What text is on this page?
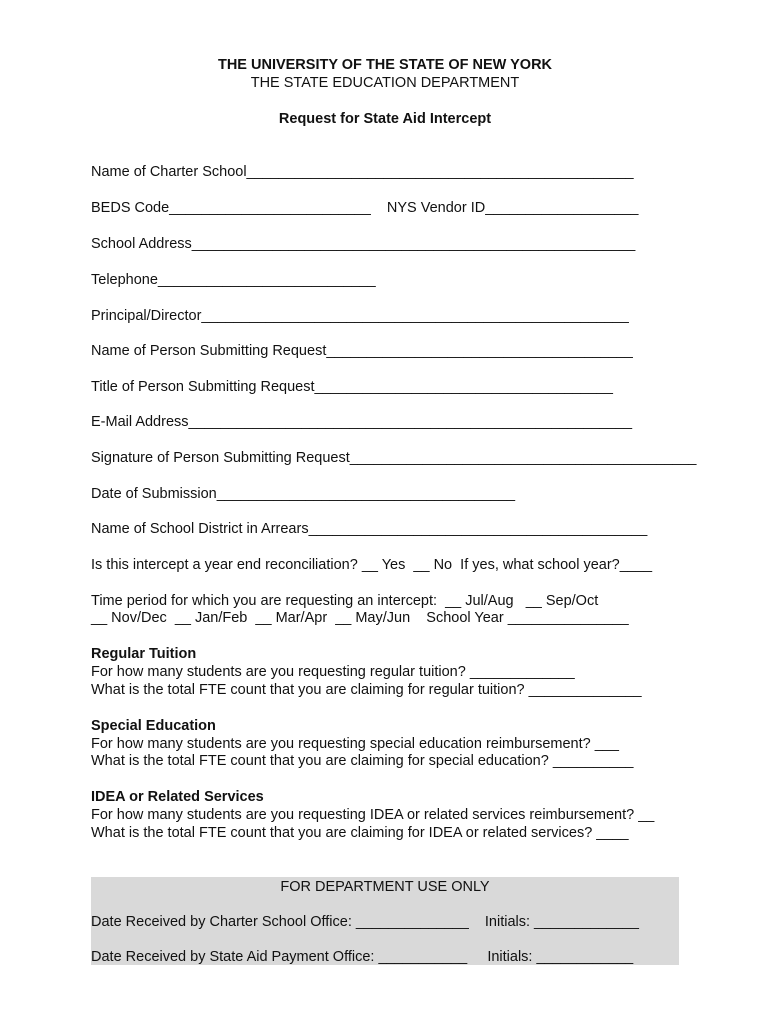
THE UNIVERSITY OF THE STATE OF NEW YORK
THE STATE EDUCATION DEPARTMENT
Request for State Aid Intercept
Name of Charter School________________________________________________
BEDS Code_________________________    NYS Vendor ID___________________
School Address_______________________________________________________
Telephone___________________________
Principal/Director_____________________________________________________
Name of Person Submitting Request______________________________________
Title of Person Submitting Request_____________________________________
E-Mail Address_______________________________________________________
Signature of Person Submitting Request___________________________________________
Date of Submission_____________________________________
Name of School District in Arrears__________________________________________
Is this intercept a year end reconciliation? __ Yes  __ No  If yes, what school year?____
Time period for which you are requesting an intercept:  __ Jul/Aug   __ Sep/Oct
__ Nov/Dec  __ Jan/Feb  __ Mar/Apr  __ May/Jun    School Year _______________
Regular Tuition
For how many students are you requesting regular tuition? _____________
What is the total FTE count that you are claiming for regular tuition? ______________
Special Education
For how many students are you requesting special education reimbursement? ___
What is the total FTE count that you are claiming for special education? __________
IDEA or Related Services
For how many students are you requesting IDEA or related services reimbursement? __
What is the total FTE count that you are claiming for IDEA or related services? ____
FOR DEPARTMENT USE ONLY
Date Received by Charter School Office: ______________    Initials: _____________
Date Received by State Aid Payment Office: ___________     Initials: ____________
